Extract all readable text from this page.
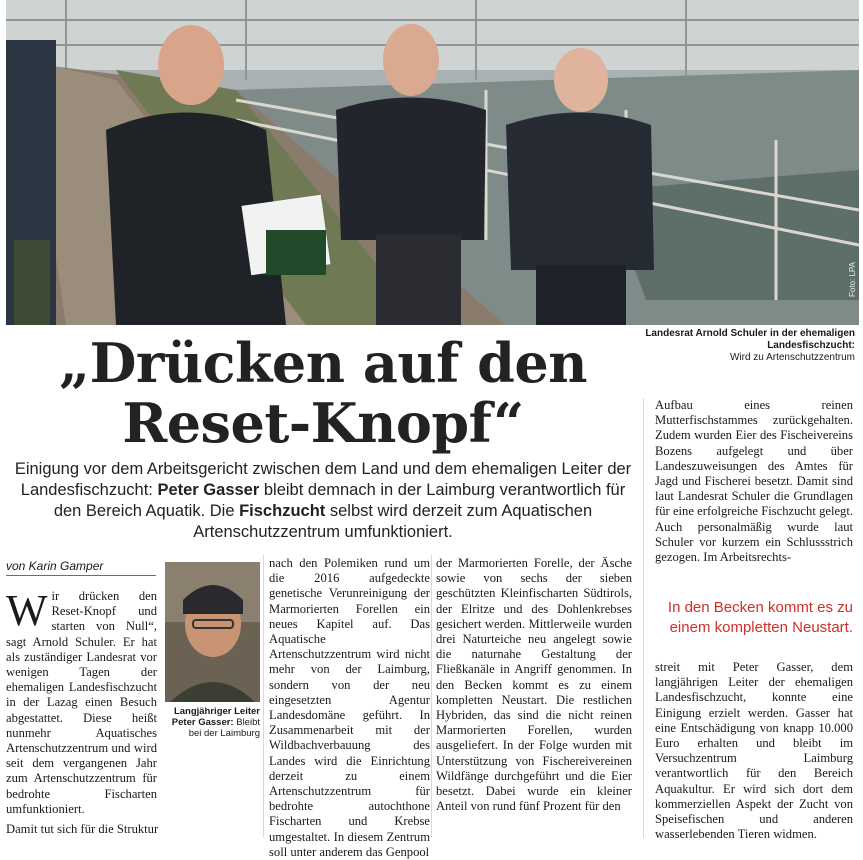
Foto: LPA
Landesrat Arnold Schuler in der ehemaligen Landesfischzucht:
Wird zu Artenschutzzentrum
„Drücken auf den Reset-Knopf“
Einigung vor dem Arbeitsgericht zwischen dem Land und dem ehemaligen Leiter der Landesfischzucht: Peter Gasser bleibt demnach in der Laimburg verantwortlich für den Bereich Aquatik. Die Fischzucht selbst wird derzeit zum Aquatischen Artenschutzzentrum umfunktioniert.
von Karin Gamper
W ir drücken den Reset-Knopf und starten von Null“, sagt Arnold Schuler. Er hat als zuständiger Landesrat vor wenigen Tagen der ehemaligen Landesfischzucht in der Lazag einen Besuch abgestattet. Diese heißt nunmehr Aquatisches Artenschutzzentrum und wird seit dem vergangenen Jahr zum Artenschutzzentrum für bedrohte Fischarten umfunktioniert.

Langjähriger Leiter Peter Gasser: Bleibt bei der Laimburg

Damit tut sich für die Struktur

nach den Polemiken rund um die 2016 aufgedeckte genetische Verunreinigung der Marmorierten Forellen ein neues Kapitel auf. Das Aquatische Artenschutzzentrum wird nicht mehr von der Laimburg, sondern von der neu eingesetzten Agentur Landesdomäne geführt. In Zusammenarbeit mit der Wildbachverbauung des Landes wird die Einrichtung derzeit zu einem Artenschutzzentrum für bedrohte autochthone Fischarten und Krebse umgestaltet. In diesem Zentrum soll unter anderem das Genpool

der Marmorierten Forelle, der Äsche sowie von sechs der sieben geschützten Kleinfischarten Südtirols, der Elritze und des Dohlenkrebses gesichert werden. Mittlerweile wurden drei Naturteiche neu angelegt sowie die naturnahe Gestaltung der Fließkanäle in Angriff genommen. In den Becken kommt es zu einem kompletten Neustart. Die restlichen Hybriden, das sind die nicht reinen Marmorierten Forellen, wurden ausgeliefert. In der Folge wurden mit Unterstützung von Fischereivereinen Wildfänge durchgeführt und die Eier besetzt. Dabei wurde ein kleiner Anteil von rund fünf Prozent für den

Aufbau eines reinen Mutterfischstammes zurückgehalten. Zudem wurden Eier des Fischeivereins Bozens aufgelegt und über Landeszuweisungen des Amtes für Jagd und Fischerei besetzt. Damit sind laut Landesrat Schuler die Grundlagen für eine erfolgreiche Fischzucht gelegt. Auch personalmäßig wurde laut Schuler vor kurzem ein Schlussstrich gezogen. Im Arbeitsrechts-

In den Becken kommt es zu einem kompletten Neustart.

streit mit Peter Gasser, dem langjährigen Leiter der ehemaligen Landesfischzucht, konnte eine Einigung erzielt werden. Gasser hat eine Entschädigung von knapp 10.000 Euro erhalten und bleibt im Versuchzentrum Laimburg verantwortlich für den Bereich Aquakultur. Er wird sich dort dem kommerziellen Aspekt der Zucht von Speisefischen und anderen wasserlebenden Tieren widmen.
